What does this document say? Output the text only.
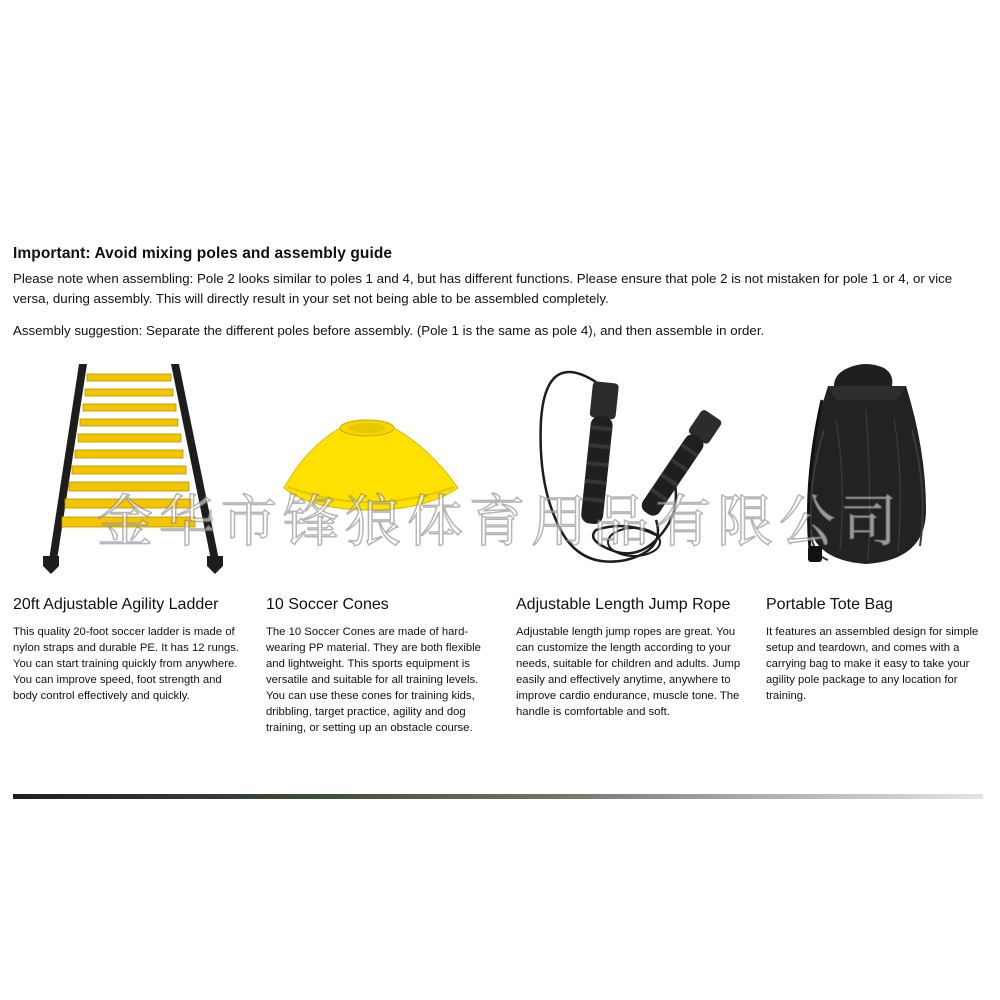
Important: Avoid mixing poles and assembly guide

Please note when assembling: Pole 2 looks similar to poles 1 and 4, but has different functions. Please ensure that pole 2 is not mistaken for pole 1 or 4, or vice versa, during assembly. This will directly result in your set not being able to be assembled completely.

Assembly suggestion: Separate the different poles before assembly. (Pole 1 is the same as pole 4), and then assemble in order.

20ft Adjustable Agility Ladder

This quality 20-foot soccer ladder is made of nylon straps and durable PE. It has 12 rungs. You can start training quickly from anywhere. You can improve speed, foot strength and body control effectively and quickly.

10 Soccer Cones

The 10 Soccer Cones are made of hard-wearing PP material. They are both flexible and lightweight. This sports equipment is versatile and suitable for all training levels. You can use these cones for training kids, dribbling, target practice, agility and dog training, or setting up an obstacle course.

Adjustable Length Jump Rope

Adjustable length jump ropes are great. You can customize the length according to your needs, suitable for children and adults. Jump easily and effectively anytime, anywhere to improve cardio endurance, muscle tone. The handle is comfortable and soft.

Portable Tote Bag

It features an assembled design for simple setup and teardown, and comes with a carrying bag to make it easy to take your agility pole package to any location for training.

金华市锋狼体育用品有限公司
